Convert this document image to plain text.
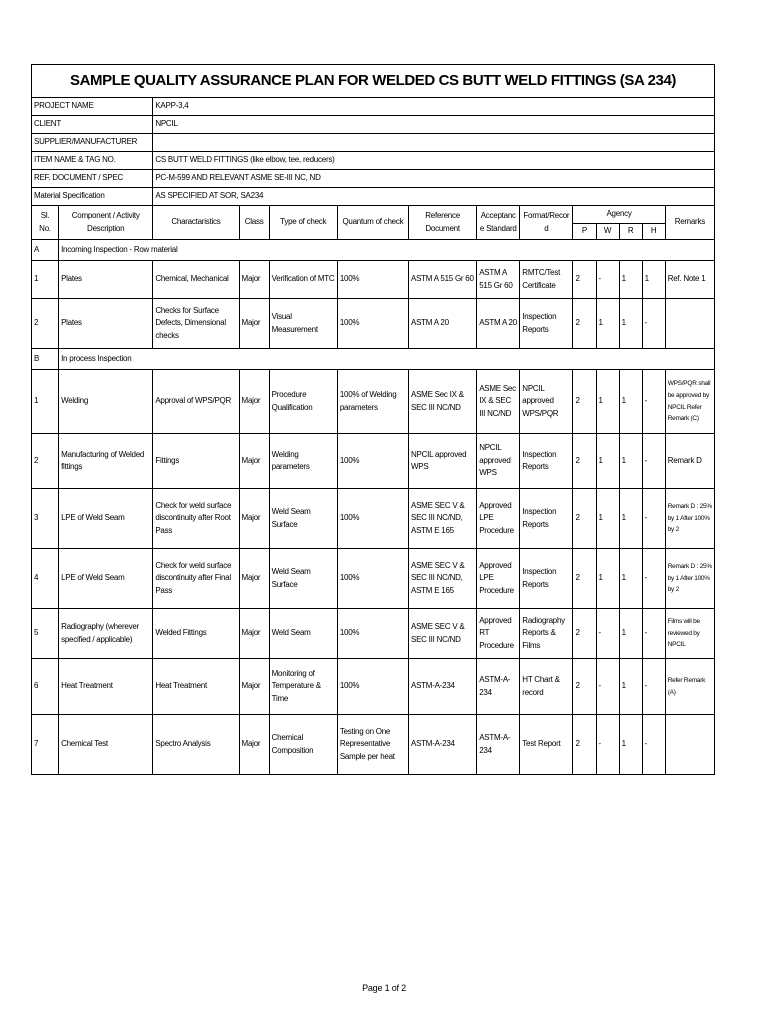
SAMPLE QUALITY ASSURANCE PLAN FOR WELDED CS BUTT WELD FITTINGS (SA 234)													
PROJECT NAME		KAPP-3,4											
CLIENT		NPCIL											
SUPPLIER/MANUFACTURER													
ITEM NAME & TAG NO.		CS BUTT WELD FITTINGS (like elbow, tee, reducers)											
REF. DOCUMENT / SPEC		PC-M-599 AND RELEVANT ASME SE-III NC, ND											
Material Specification		AS SPECIFIED AT SOR, SA234											
Sl. No.	Component / Activity Description	Charactaristics	Class	Type of check	Quantum of check	Reference Document	Acceptance Standard	Format/Record	Agency				Remarks
									P	W	R	H	
A	Incoming Inspection - Row material												
1	Plates	Chemical, Mechanical	Major	Verification of MTC	100%	ASTM A 515 Gr 60	ASTM A 515 Gr 60	RMTC/Test Certificate	2	-	1	1	Ref. Note 1
2	Plates	Checks for Surface Defects, Dimensional checks	Major	Visual Measurement	100%	ASTM A 20	ASTM A 20	Inspection Reports	2	1	1	-	
B	In process Inspection												
1	Welding	Approval of WPS/PQR	Major	Procedure Qualification	100% of Welding parameters	ASME Sec IX & SEC III NC/ND	ASME Sec IX & SEC III NC/ND	NPCIL approved WPS/PQR	2	1	1	-	WPS/PQR shall be approved by NPCIL Refer Remark (C)
2	Manufacturing of Welded fittings	Fittings	Major	Welding parameters	100%	NPCIL approved WPS	NPCIL approved WPS	Inspection Reports	2	1	1	-	Remark D
3	LPE of Weld Seam	Check for weld surface discontinuity after Root Pass	Major	Weld Seam Surface	100%	ASME SEC V & SEC III NC/ND, ASTM E 165	Approved LPE Procedure	Inspection Reports	2	1	1	-	Remark D : 25% by 1 After 100% by 2
4	LPE of Weld Seam	Check for weld surface discontinuity after Final Pass	Major	Weld Seam Surface	100%	ASME SEC V & SEC III NC/ND, ASTM E 165	Approved LPE Procedure	Inspection Reports	2	1	1	-	Remark D : 25% by 1 After 100% by 2
5	Radiography (wherever specified / applicable)	Welded Fittings	Major	Weld Seam	100%	ASME SEC V & SEC III NC/ND	Approved RT Procedure	Radiography Reports & Films	2	-	1	-	Films will be reviewed by NPCIL
6	Heat Treatment	Heat Treatment	Major	Monitoring of Temperature & Time	100%	ASTM-A-234	ASTM-A-234	HT Chart & record	2	-	1	-	Refer Remark (A)
7	Chemical Test	Spectro Analysis	Major	Chemical Composition	Testing on One Representative Sample per heat	ASTM-A-234	ASTM-A-234	Test Report	2	-	1	-	
Page 1 of 2
